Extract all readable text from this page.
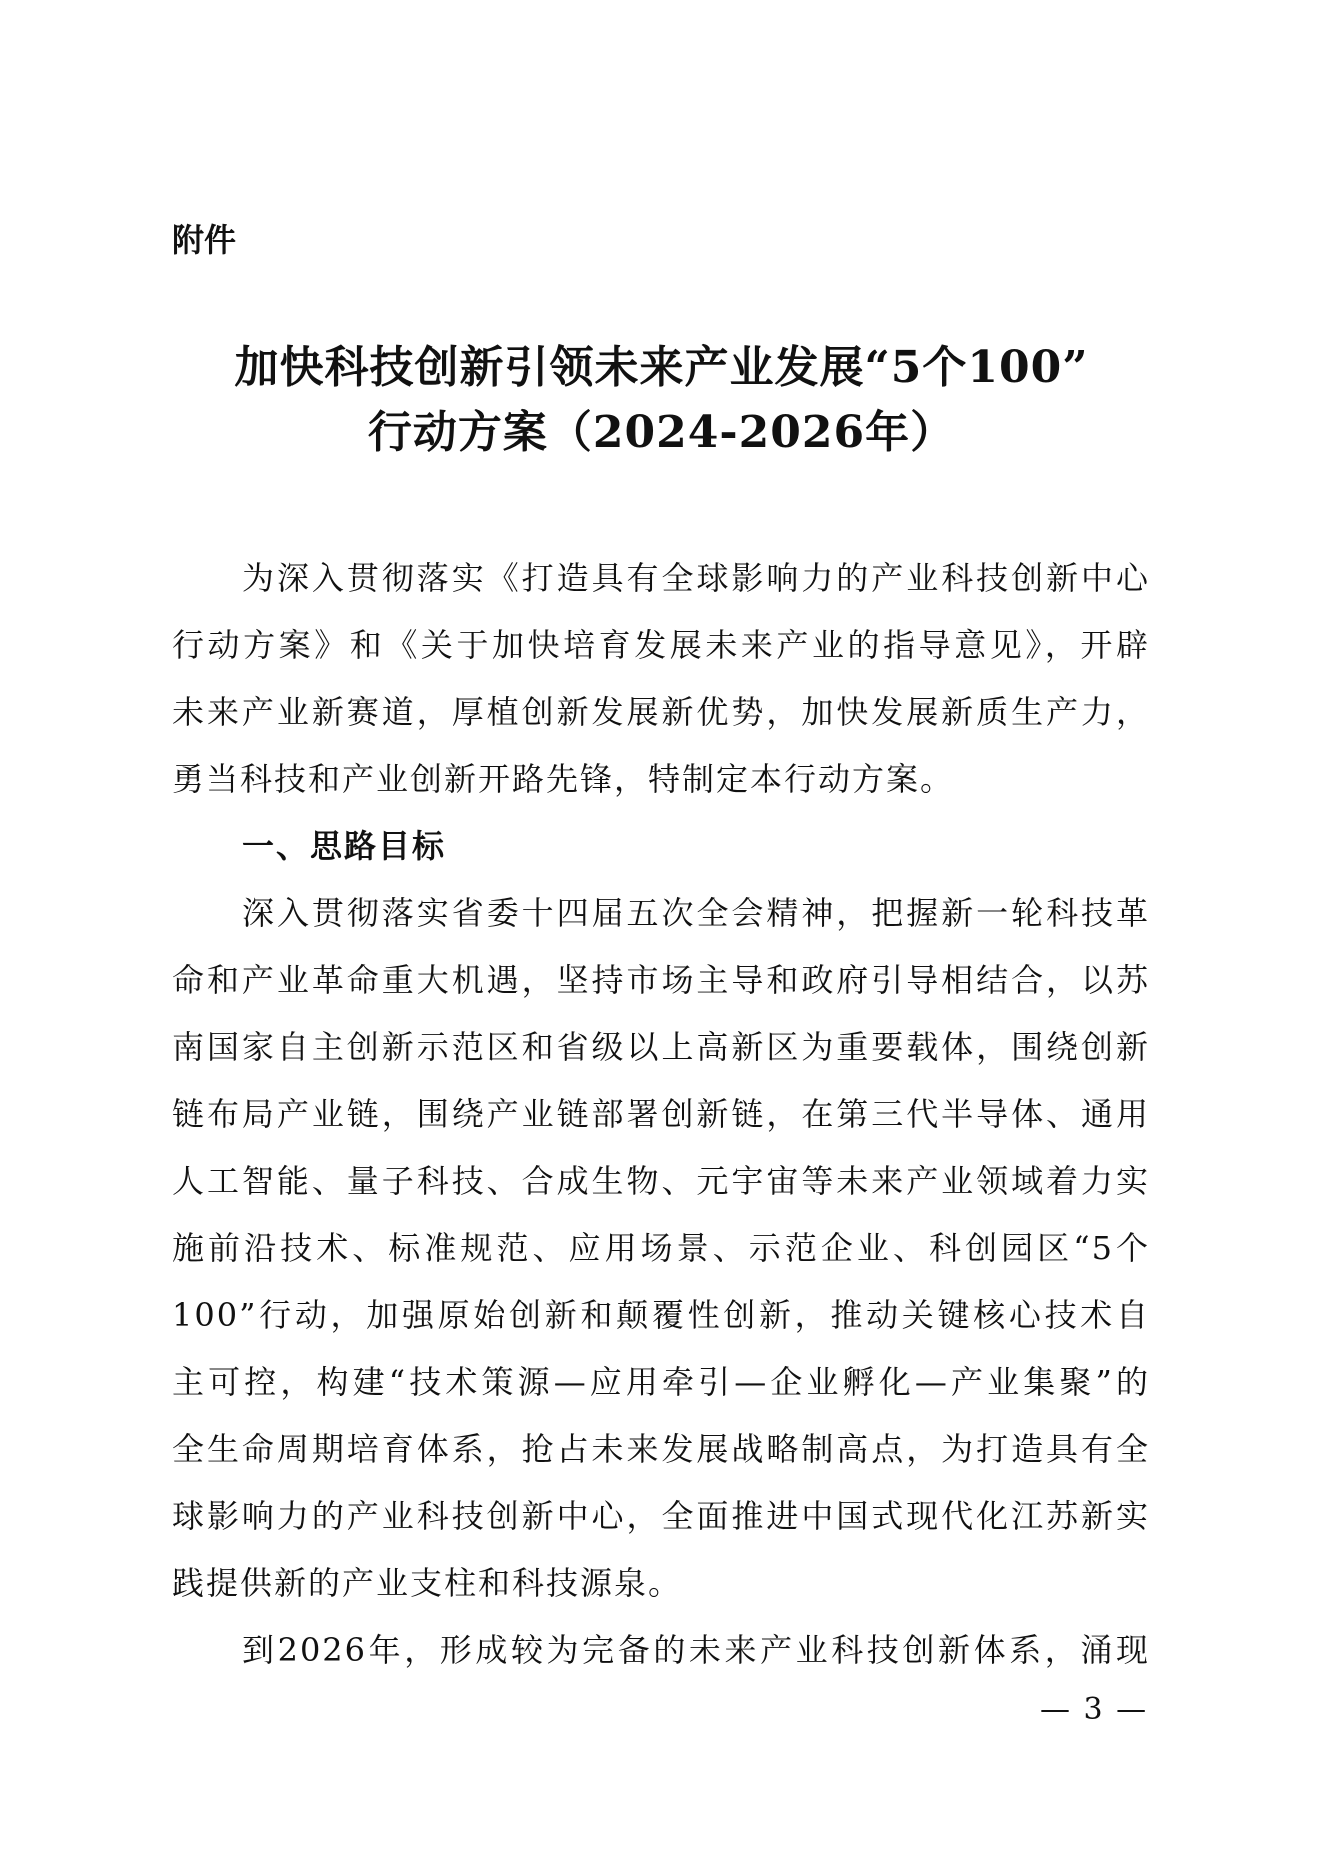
附件
加快科技创新引领未来产业发展“5个100”
行动方案（2024-2026年）
为深入贯彻落实《打造具有全球影响力的产业科技创新中心
行动方案》和《关于加快培育发展未来产业的指导意见》，开辟
未来产业新赛道，厚植创新发展新优势，加快发展新质生产力，
勇当科技和产业创新开路先锋，特制定本行动方案。
一、思路目标
深入贯彻落实省委十四届五次全会精神，把握新一轮科技革
命和产业革命重大机遇，坚持市场主导和政府引导相结合，以苏
南国家自主创新示范区和省级以上高新区为重要载体，围绕创新
链布局产业链，围绕产业链部署创新链，在第三代半导体、通用
人工智能、量子科技、合成生物、元宇宙等未来产业领域着力实
施前沿技术、标准规范、应用场景、示范企业、科创园区“5个
100”行动，加强原始创新和颠覆性创新，推动关键核心技术自
主可控，构建“技术策源—应用牵引—企业孵化—产业集聚”的
全生命周期培育体系，抢占未来发展战略制高点，为打造具有全
球影响力的产业科技创新中心，全面推进中国式现代化江苏新实
践提供新的产业支柱和科技源泉。
到2026年，形成较为完备的未来产业科技创新体系，涌现
— 3 —
